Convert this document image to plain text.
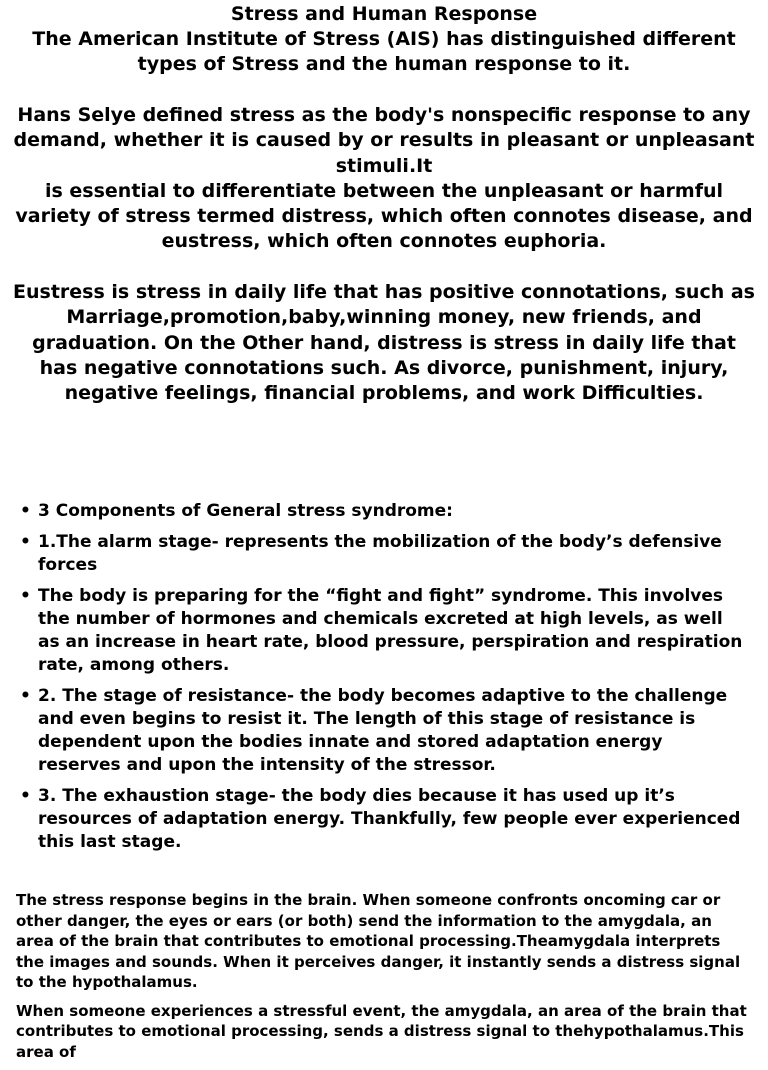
Stress and Human Response
The American Institute of Stress (AIS) has distinguished different types of Stress and the human response to it.
Hans Selye defined stress as the body's nonspecific response to any demand, whether it is caused by or results in pleasant or unpleasant stimuli.It
is essential to differentiate between the unpleasant or harmful variety of stress termed distress, which often connotes disease, and eustress, which often connotes euphoria.
Eustress is stress in daily life that has positive connotations, such as Marriage,promotion,baby,winning money, new friends, and graduation. On the Other hand, distress is stress in daily life that has negative connotations such. As divorce, punishment, injury, negative feelings, financial problems, and work Difficulties.
• 3 Components of General stress syndrome:
• 1.The alarm stage- represents the mobilization of the body’s defensive forces
• The body is preparing for the “fight and fight” syndrome. This involves the number of hormones and chemicals excreted at high levels, as well as an increase in heart rate, blood pressure, perspiration and respiration rate, among others.
• 2. The stage of resistance- the body becomes adaptive to the challenge and even begins to resist it. The length of this stage of resistance is dependent upon the bodies innate and stored adaptation energy reserves and upon the intensity of the stressor.
• 3. The exhaustion stage- the body dies because it has used up it’s resources of adaptation energy. Thankfully, few people ever experienced this last stage.

The stress response begins in the brain. When someone confronts oncoming car or other danger, the eyes or ears (or both) send the information to the amygdala, an area of the brain that contributes to emotional processing.Theamygdala interprets the images and sounds. When it perceives danger, it instantly sends a distress signal to the hypothalamus.

When someone experiences a stressful event, the amygdala, an area of the brain that contributes to emotional processing, sends a distress signal to thehypothalamus.This area of
